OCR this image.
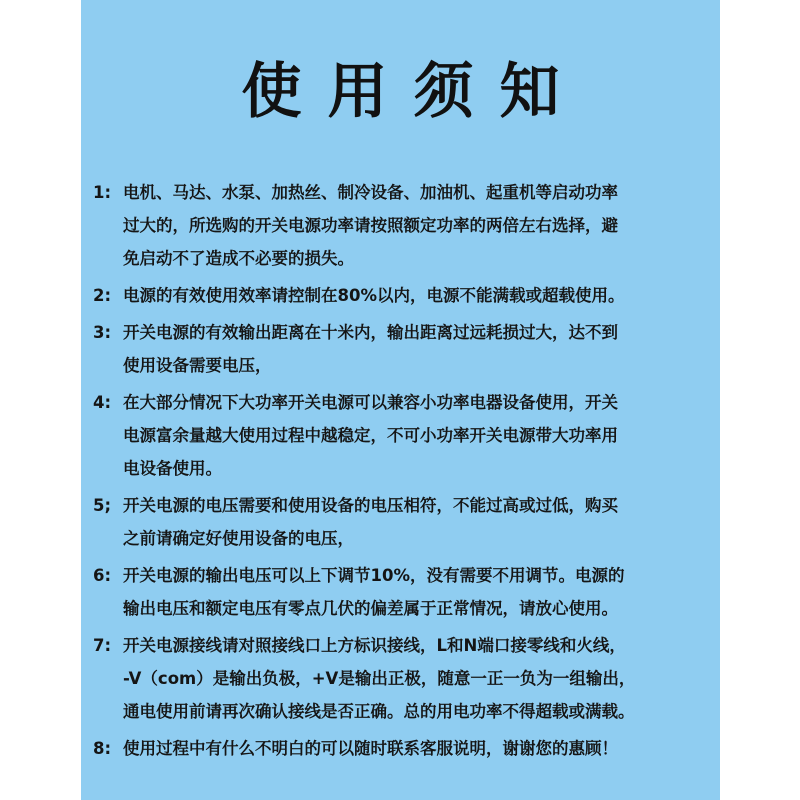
使用须知
1: 电机、马达、水泵、加热丝、制冷设备、加油机、起重机等启动功率
过大的，所选购的开关电源功率请按照额定功率的两倍左右选择，避
免启动不了造成不必要的损失。
2: 电源的有效使用效率请控制在80%以内，电源不能满载或超载使用。
3: 开关电源的有效输出距离在十米内，输出距离过远耗损过大，达不到
使用设备需要电压，
4: 在大部分情况下大功率开关电源可以兼容小功率电器设备使用，开关
电源富余量越大使用过程中越稳定，不可小功率开关电源带大功率用
电设备使用。
5; 开关电源的电压需要和使用设备的电压相符，不能过高或过低，购买
之前请确定好使用设备的电压，
6: 开关电源的输出电压可以上下调节10%，没有需要不用调节。电源的
输出电压和额定电压有零点几伏的偏差属于正常情况，请放心使用。
7: 开关电源接线请对照接线口上方标识接线，L和N端口接零线和火线，
-V（com）是输出负极，+V是输出正极，随意一正一负为一组输出，
通电使用前请再次确认接线是否正确。总的用电功率不得超载或满载。
8: 使用过程中有什么不明白的可以随时联系客服说明，谢谢您的惠顾！
